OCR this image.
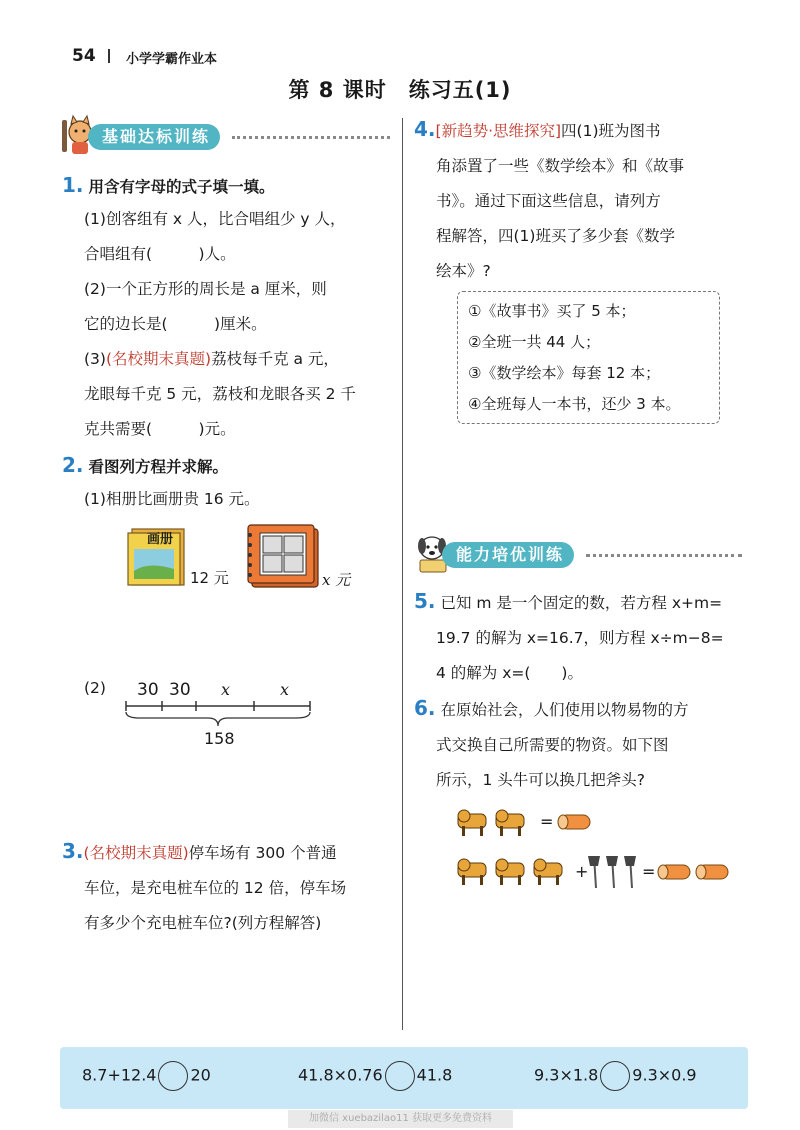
54 小学学霸作业本
第 8 课时　练习五(1)
基础达标训练
1. 用含有字母的式子填一填。
(1)创客组有 x 人，比合唱组少 y 人，
合唱组有(　　　)人。
(2)一个正方形的周长是 a 厘米，则
它的边长是(　　　)厘米。
(3)(名校期末真题)荔枝每千克 a 元，
龙眼每千克 5 元，荔枝和龙眼各买 2 千
克共需要(　　　)元。
2. 看图列方程并求解。
(1)相册比画册贵 16 元。
画册
12 元	x 元
(2) 30 30 x	x
158
3.(名校期末真题)停车场有 300 个普通
车位，是充电桩车位的 12 倍，停车场
有多少个充电桩车位?(列方程解答)
4.[新趋势·思维探究]四(1)班为图书
角添置了一些《数学绘本》和《故事
书》。通过下面这些信息，请列方
程解答，四(1)班买了多少套《数学
绘本》?
①《故事书》买了 5 本；
②全班一共 44 人；
③《数学绘本》每套 12 本；
④全班每人一本书，还少 3 本。
能力培优训练
5. 已知 m 是一个固定的数，若方程 x+m=
19.7 的解为 x=16.7，则方程 x÷m−8=
4 的解为 x=(　　)。
6. 在原始社会，人们使用以物易物的方
式交换自己所需要的物资。如下图
所示，1 头牛可以换几把斧头?
=
+	=
8.7+12.4 20	41.8×0.76 41.8	9.3×1.8 9.3×0.9
加微信 xuebazilao11 获取更多免费资料
